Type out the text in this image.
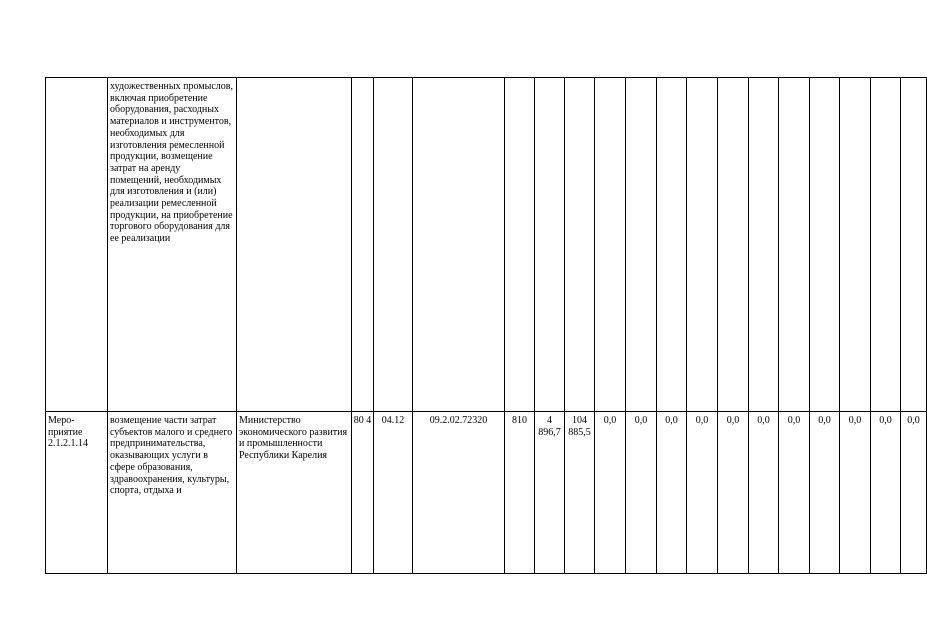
	художественных промыслов, включая приобретение оборудования, расходных материалов и инструментов, необходимых для изготовления ремесленной продукции, возмещение затрат на аренду помещений, необходимых для изготовления и (или) реализации ремесленной продукции, на приобретение торгового оборудования для ее реализации																		
Меро-приятие 2.1.2.1.14	возмещение части затрат субъектов малого и среднего предпринимательства, оказывающих услуги в сфере образования, здравоохранения, культуры, спорта, отдыха и	Министерство экономического развития и промышленности Республики Карелия	80 4	04.12	09.2.02.72320	810	4 896,7	104 885,5	0,0	0,0	0,0	0,0	0,0	0,0	0,0	0,0	0,0	0,0	0,0
